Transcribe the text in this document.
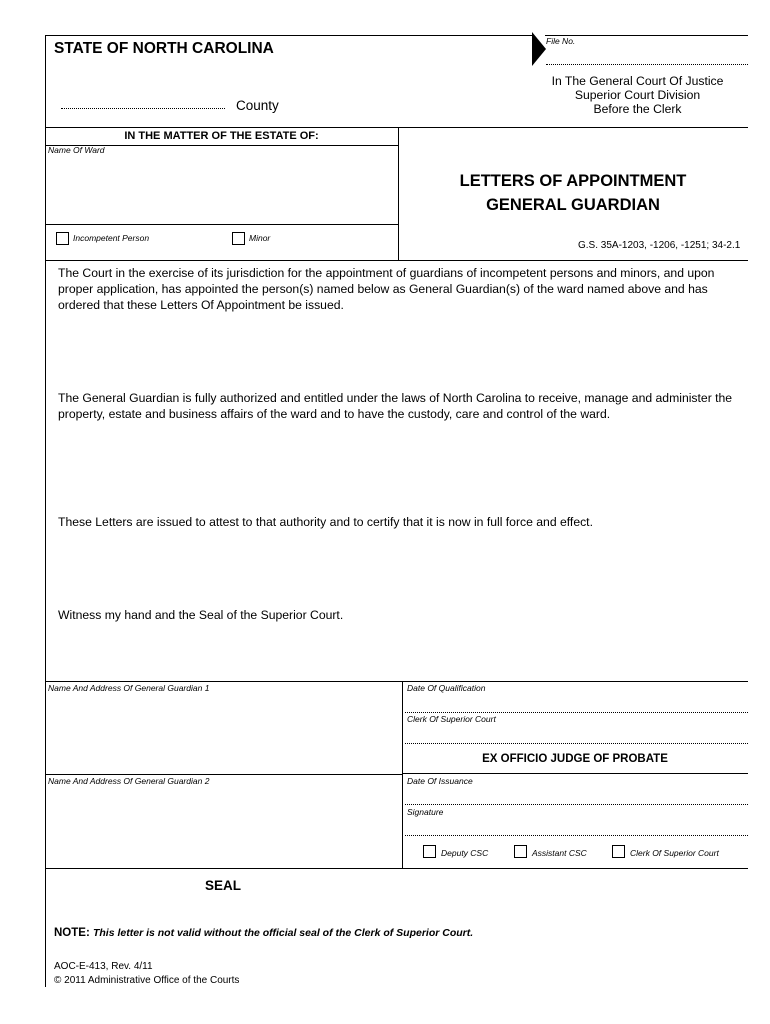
STATE OF NORTH CAROLINA	File No.
County
In The General Court Of Justice
Superior Court Division
Before the Clerk
IN THE MATTER OF THE ESTATE OF:
Name Of Ward
Incompetent Person	Minor
LETTERS OF APPOINTMENT
GENERAL GUARDIAN
G.S. 35A-1203, -1206, -1251; 34-2.1
The Court in the exercise of its jurisdiction for the appointment of guardians of incompetent persons and minors, and upon proper application, has appointed the person(s) named below as General Guardian(s) of the ward named above and has ordered that these Letters Of Appointment be issued.
The General Guardian is fully authorized and entitled under the laws of North Carolina to receive, manage and administer the property, estate and business affairs of the ward and to have the custody, care and control of the ward.
These Letters are issued to attest to that authority and to certify that it is now in full force and effect.
Witness my hand and the Seal of the Superior Court.
Name And Address Of General Guardian 1
Name And Address Of General Guardian 2
Date Of Qualification
Clerk Of Superior Court
EX OFFICIO JUDGE OF PROBATE
Date Of Issuance
Signature
Deputy CSC	Assistant CSC	Clerk Of Superior Court
SEAL
NOTE: This letter is not valid without the official seal of the Clerk of Superior Court.
AOC-E-413, Rev. 4/11
© 2011 Administrative Office of the Courts
